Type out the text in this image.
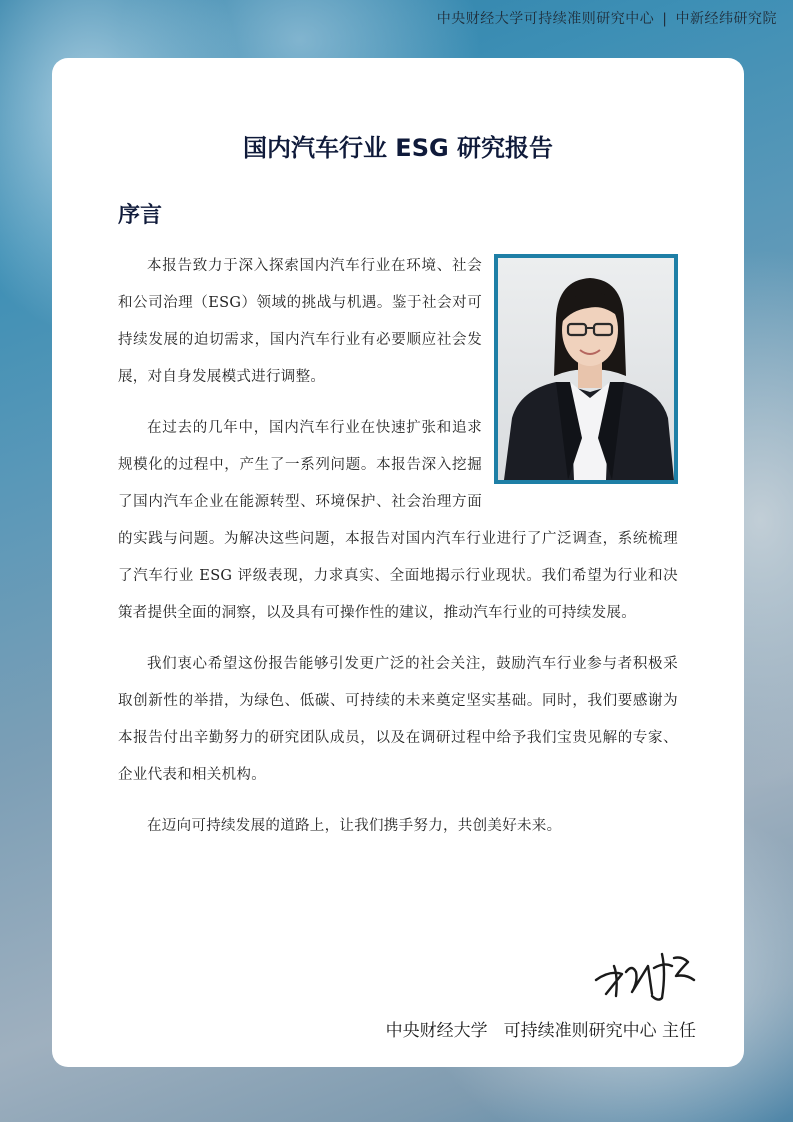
中央财经大学可持续准则研究中心 | 中新经纬研究院
国内汽车行业 ESG 研究报告
序言

本报告致力于深入探索国内汽车行业在环境、社会和公司治理（ESG）领域的挑战与机遇。鉴于社会对可持续发展的迫切需求，国内汽车行业有必要顺应社会发展，对自身发展模式进行调整。

在过去的几年中，国内汽车行业在快速扩张和追求规模化的过程中，产生了一系列问题。本报告深入挖掘了国内汽车企业在能源转型、环境保护、社会治理方面的实践与问题。为解决这些问题，本报告对国内汽车行业进行了广泛调查，系统梳理了汽车行业 ESG 评级表现，力求真实、全面地揭示行业现状。我们希望为行业和决策者提供全面的洞察，以及具有可操作性的建议，推动汽车行业的可持续发展。

我们衷心希望这份报告能够引发更广泛的社会关注，鼓励汽车行业参与者积极采取创新性的举措，为绿色、低碳、可持续的未来奠定坚实基础。同时，我们要感谢为本报告付出辛勤努力的研究团队成员，以及在调研过程中给予我们宝贵见解的专家、企业代表和相关机构。

在迈向可持续发展的道路上，让我们携手努力，共创美好未来。

中央财经大学 可持续准则研究中心 主任
